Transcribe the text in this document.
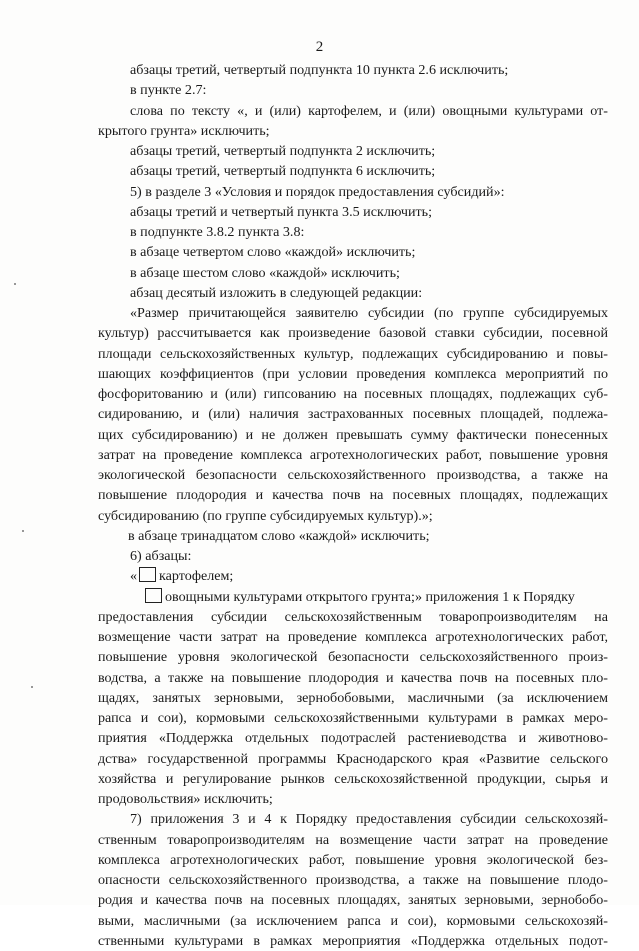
2
абзацы третий, четвертый подпункта 10 пункта 2.6 исключить;
в пункте 2.7:
слова по тексту «, и (или) картофелем, и (или) овощными культурами от-
крытого грунта» исключить;
абзацы третий, четвертый подпункта 2 исключить;
абзацы третий, четвертый подпункта 6 исключить;
5) в разделе 3 «Условия и порядок предоставления субсидий»:
абзацы третий и четвертый пункта 3.5 исключить;
в подпункте 3.8.2 пункта 3.8:
в абзаце четвертом слово «каждой» исключить;
в абзаце шестом слово «каждой» исключить;
абзац десятый изложить в следующей редакции:
«Размер причитающейся заявителю субсидии (по группе субсидируемых
культур) рассчитывается как произведение базовой ставки субсидии, посевной
площади сельскохозяйственных культур, подлежащих субсидированию и повы-
шающих коэффициентов (при условии проведения комплекса мероприятий по
фосфоритованию и (или) гипсованию на посевных площадях, подлежащих суб-
сидированию, и (или) наличия застрахованных посевных площадей, подлежа-
щих субсидированию) и не должен превышать сумму фактически понесенных
затрат на проведение комплекса агротехнологических работ, повышение уровня
экологической безопасности сельскохозяйственного производства, а также на
повышение плодородия и качества почв на посевных площадях, подлежащих
субсидированию (по группе субсидируемых культур).»;
в абзаце тринадцатом слово «каждой» исключить;
6) абзацы:
« картофелем;
овощными культурами открытого грунта;» приложения 1 к Порядку
предоставления субсидии сельскохозяйственным товаропроизводителям на
возмещение части затрат на проведение комплекса агротехнологических работ,
повышение уровня экологической безопасности сельскохозяйственного произ-
водства, а также на повышение плодородия и качества почв на посевных пло-
щадях, занятых зерновыми, зернобобовыми, масличными (за исключением
рапса и сои), кормовыми сельскохозяйственными культурами в рамках меро-
приятия «Поддержка отдельных подотраслей растениеводства и животново-
дства» государственной программы Краснодарского края «Развитие сельского
хозяйства и регулирование рынков сельскохозяйственной продукции, сырья и
продовольствия» исключить;
7) приложения 3 и 4 к Порядку предоставления субсидии сельскохозяй-
ственным товаропроизводителям на возмещение части затрат на проведение
комплекса агротехнологических работ, повышение уровня экологической без-
опасности сельскохозяйственного производства, а также на повышение плодо-
родия и качества почв на посевных площадях, занятых зерновыми, зернобобо-
выми, масличными (за исключением рапса и сои), кормовыми сельскохозяй-
ственными культурами в рамках мероприятия «Поддержка отдельных подот-
